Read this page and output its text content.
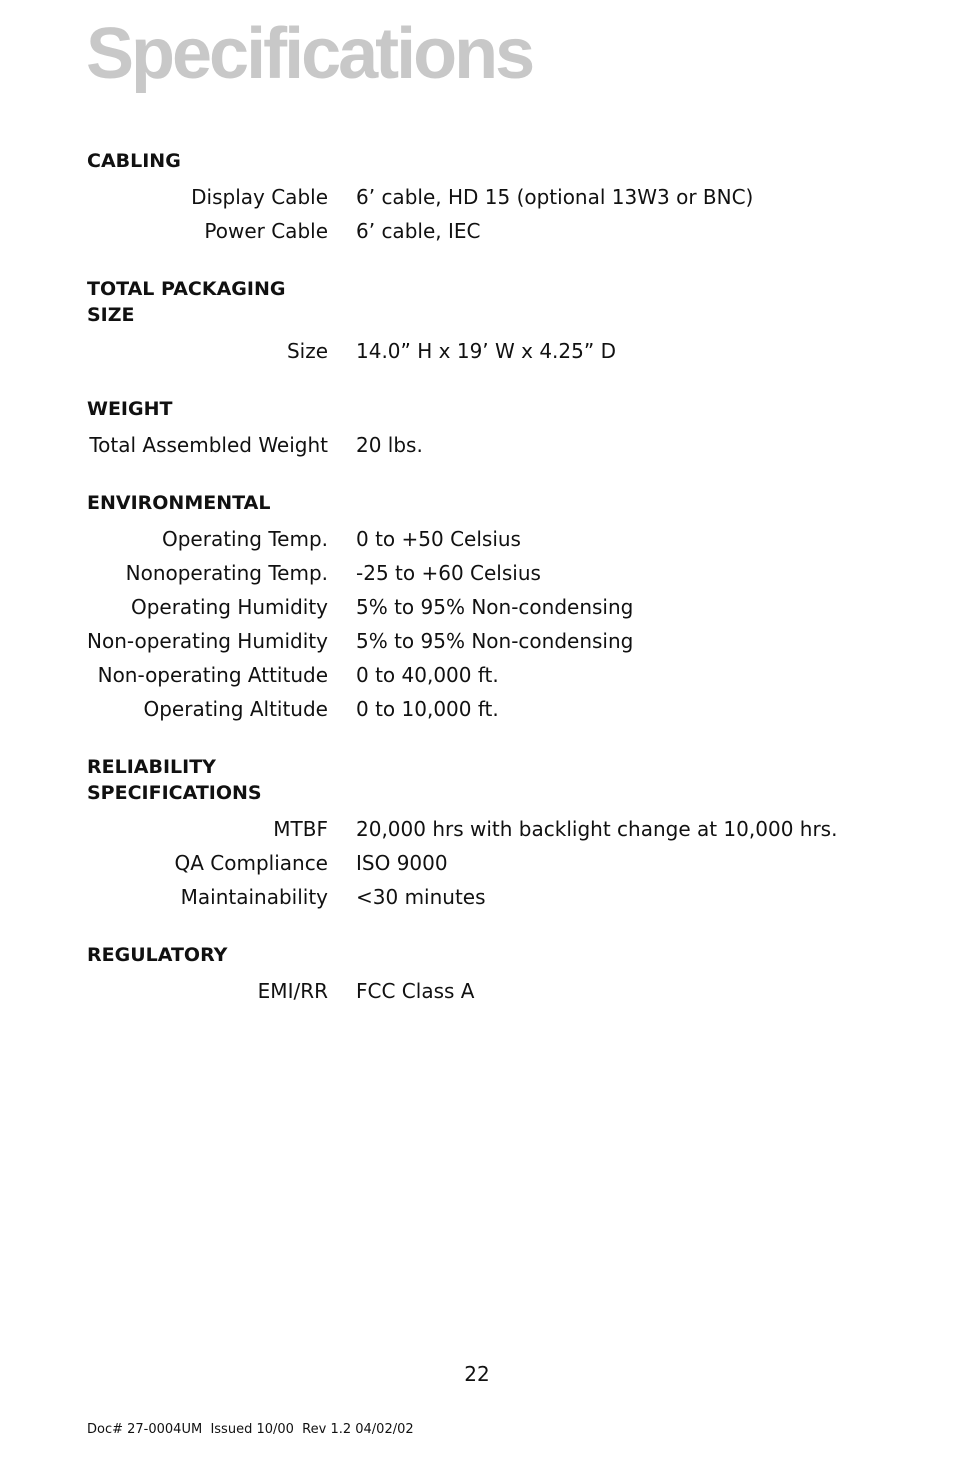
Specifications
CABLING
Display Cable 6’ cable, HD 15 (optional 13W3 or BNC)
Power Cable 6’ cable, IEC
TOTAL PACKAGING SIZE
Size 14.0” H x 19’ W x 4.25” D
WEIGHT
Total Assembled Weight 20 lbs.
ENVIRONMENTAL
Operating Temp. 0 to +50 Celsius
Nonoperating Temp. -25 to +60 Celsius
Operating Humidity 5% to 95% Non-condensing
Non-operating Humidity 5% to 95% Non-condensing
Non-operating Attitude 0 to 40,000 ft.
Operating Altitude 0 to 10,000 ft.
RELIABILITY SPECIFICATIONS
MTBF 20,000 hrs with backlight change at 10,000 hrs.
QA Compliance ISO 9000
Maintainability <30 minutes
REGULATORY
EMI/RR FCC Class A
22
Doc# 27-0004UM  Issued 10/00  Rev 1.2 04/02/02
